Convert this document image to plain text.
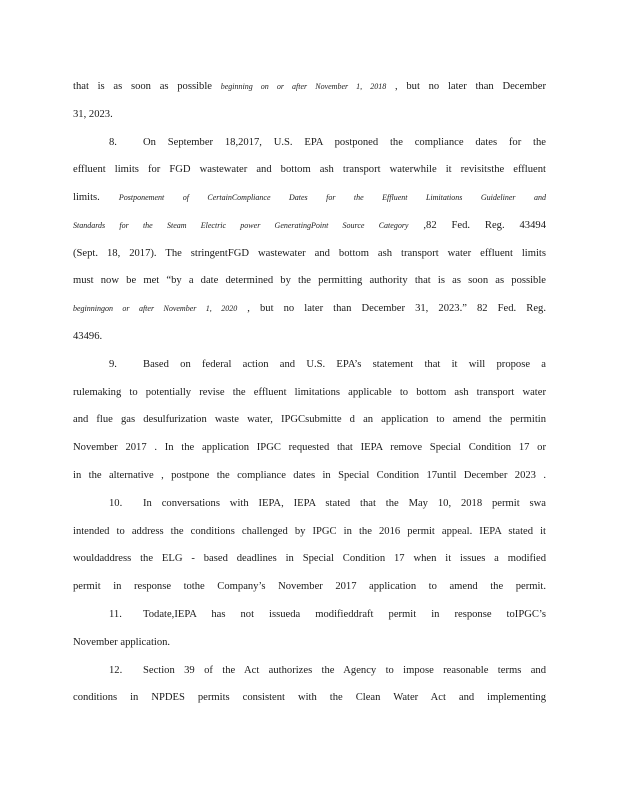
that is as soon as possible beginning on or after November 1, 2018 , but no later than December
31, 2023.
8. On September 18,2017, U.S. EPA postponed the compliance dates for the
effluent limits for FGD wastewater and bottom ash transport waterwhile it revisitsthe effluent
limits. Postponement of CertainCompliance Dates for the Effluent Limitations Guideliner and
Standards for the Steam Electric power GeneratingPoint Source Category ,82 Fed. Reg. 43494
(Sept. 18, 2017). The stringentFGD wastewater and bottom ash transport water effluent limits
must now be met “by a date determined by the permitting authority that is as soon as possible
beginningon or after November 1, 2020 , but no later than December 31, 2023.” 82 Fed. Reg.
43496.
9. Based on federal action and U.S. EPA’s statement that it will propose a
rulemaking to potentially revise the effluent limitations applicable to bottom ash transport water
and flue gas desulfurization waste water, IPGCsubmitte d an application to amend the permitin
November 2017 . In the application IPGC requested that IEPA remove Special Condition 17 or
in the alternative , postpone the compliance dates in Special Condition 17until December 2023 .
10. In conversations with IEPA, IEPA stated that the May 10, 2018 permit swa
intended to address the conditions challenged by IPGC in the 2016 permit appeal. IEPA stated it
wouldaddress the ELG - based deadlines in Special Condition 17 when it issues a modified
permit in response tothe Company’s November 2017 application to amend the permit.
11. Todate,IEPA has not issueda modifieddraft permit in response toIPGC’s
November application.
12. Section 39 of the Act authorizes the Agency to impose reasonable terms and
conditions in NPDES permits consistent with the Clean Water Act and implementing
